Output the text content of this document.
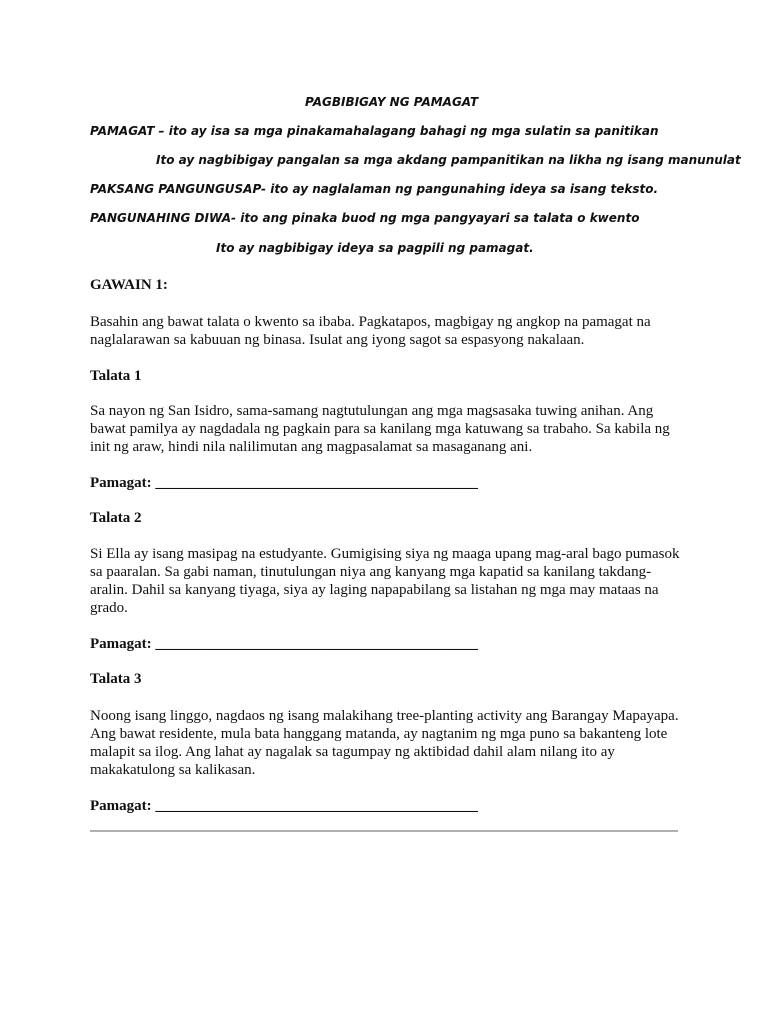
PAGBIBIGAY NG PAMAGAT

PAMAGAT – ito ay isa sa mga pinakamahalagang bahagi ng mga sulatin sa panitikan

Ito ay nagbibigay pangalan sa mga akdang pampanitikan na likha ng isang manunulat

PAKSANG PANGUNGUSAP- ito ay naglalaman ng pangunahing ideya sa isang teksto.

PANGUNAHING DIWA- ito ang pinaka buod ng mga pangyayari sa talata o kwento

Ito ay nagbibigay ideya sa pagpili ng pamagat.

GAWAIN 1:

Basahin ang bawat talata o kwento sa ibaba. Pagkatapos, magbigay ng angkop na pamagat na naglalarawan sa kabuuan ng binasa. Isulat ang iyong sagot sa espasyong nakalaan.

Talata 1

Sa nayon ng San Isidro, sama-samang nagtutulungan ang mga magsasaka tuwing anihan. Ang bawat pamilya ay nagdadala ng pagkain para sa kanilang mga katuwang sa trabaho. Sa kabila ng init ng araw, hindi nila nalilimutan ang magpasalamat sa masaganang ani.

Pamagat: ___________________________________________

Talata 2

Si Ella ay isang masipag na estudyante. Gumigising siya ng maaga upang mag-aral bago pumasok sa paaralan. Sa gabi naman, tinutulungan niya ang kanyang mga kapatid sa kanilang takdang-aralin. Dahil sa kanyang tiyaga, siya ay laging napapabilang sa listahan ng mga may mataas na grado.

Pamagat: ___________________________________________

Talata 3

Noong isang linggo, nagdaos ng isang malakihang tree-planting activity ang Barangay Mapayapa. Ang bawat residente, mula bata hanggang matanda, ay nagtanim ng mga puno sa bakanteng lote malapit sa ilog. Ang lahat ay nagalak sa tagumpay ng aktibidad dahil alam nilang ito ay makakatulong sa kalikasan.

Pamagat: ___________________________________________
